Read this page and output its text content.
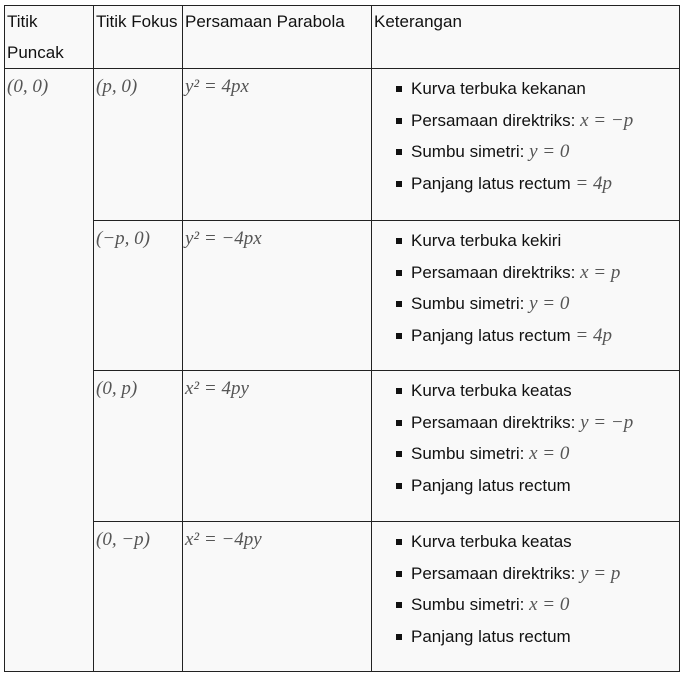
Titik Puncak	Titik Fokus	Persamaan Parabola	Keterangan
(0, 0)	(p, 0)	y² = 4px	Kurva terbuka kekanan
Persamaan direktriks: x = −p
Sumbu simetri: y = 0
Panjang latus rectum = 4p

(−p, 0)	y² = −4px	Kurva terbuka kekiri
Persamaan direktriks: x = p
Sumbu simetri: y = 0
Panjang latus rectum = 4p

(0, p)	x² = 4py	Kurva terbuka keatas
Persamaan direktriks: y = −p
Sumbu simetri: x = 0
Panjang latus rectum

(0, −p)	x² = −4py	Kurva terbuka keatas
Persamaan direktriks: y = p
Sumbu simetri: x = 0
Panjang latus rectum
